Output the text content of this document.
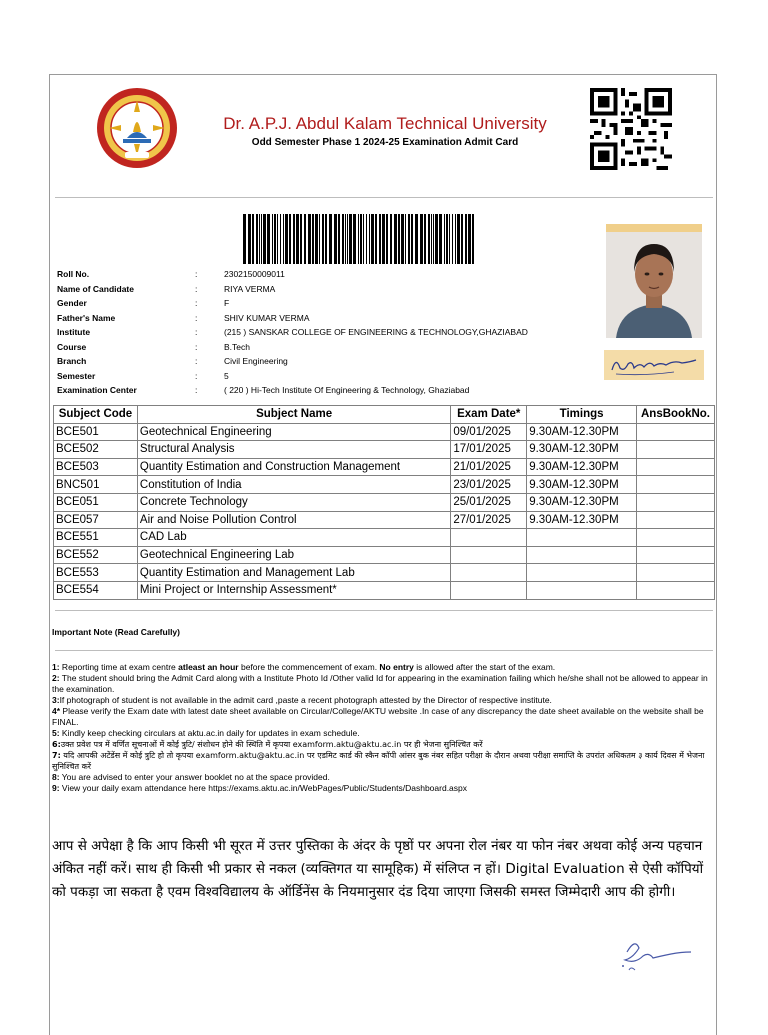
Dr. A.P.J. Abdul Kalam Technical University
Odd Semester Phase 1 2024-25 Examination Admit Card
Roll No.	:	2302150009011
Name of Candidate	:	RIYA VERMA
Gender	:	F
Father's Name	:	SHIV KUMAR VERMA
Institute	:	(215 ) SANSKAR COLLEGE OF ENGINEERING & TECHNOLOGY,GHAZIABAD
Course	:	B.Tech
Branch	:	Civil Engineering
Semester	:	5
Examination Center	:	( 220 ) Hi-Tech Institute Of Engineering & Technology, Ghaziabad
Subject Code	Subject Name	Exam Date*	Timings	AnsBookNo.
BCE501	Geotechnical Engineering	09/01/2025	9.30AM-12.30PM	
BCE502	Structural Analysis	17/01/2025	9.30AM-12.30PM	
BCE503	Quantity Estimation and Construction Management	21/01/2025	9.30AM-12.30PM	
BNC501	Constitution of India	23/01/2025	9.30AM-12.30PM	
BCE051	Concrete Technology	25/01/2025	9.30AM-12.30PM	
BCE057	Air and Noise Pollution Control	27/01/2025	9.30AM-12.30PM	
BCE551	CAD Lab			
BCE552	Geotechnical Engineering Lab			
BCE553	Quantity Estimation and Management Lab			
BCE554	Mini Project or Internship Assessment*			
Important Note (Read Carefully)

1: Reporting time at exam centre atleast an hour before the commencement of exam. No entry is allowed after the start of the exam.

2: The student should bring the Admit Card along with a Institute Photo Id /Other valid Id for appearing in the examination failing which he/she shall not be allowed to appear in the examination.

3:If photograph of student is not available in the admit card ,paste a recent photograph attested by the Director of respective institute.

4* Please verify the Exam date with latest date sheet available on Circular/College/AKTU website .In case of any discrepancy the date sheet available on the website shall be FINAL.

5: Kindly keep checking circulars at aktu.ac.in daily for updates in exam schedule.

6:उक्त प्रवेश पत्र में वर्णित सूचनाओं में कोई त्रुटि/ संशोधन होने की स्थिति में कृपया examform.aktu@aktu.ac.in पर ही भेजना सुनिश्चित करें

7: यदि आपकी अटेंडेंस में कोई त्रुटि हो तो कृपया examform.aktu@aktu.ac.in पर एडमिट कार्ड की स्कैन कॉपी आंसर बुक नंबर सहित परीक्षा के दौरान अथवा परीक्षा समाप्ति के उपरांत अधिकतम ३ कार्य दिवस में भेजना सुनिश्चित करें

8: You are advised to enter your answer booklet no at the space provided.

9: View your daily exam attendance here https://exams.aktu.ac.in/WebPages/Public/Students/Dashboard.aspx

आप से अपेक्षा है कि आप किसी भी सूरत में उत्तर पुस्तिका के अंदर के पृष्ठों पर अपना रोल नंबर या फोन नंबर अथवा कोई अन्य पहचान अंकित नहीं करें। साथ ही किसी भी प्रकार से नकल (व्यक्तिगत या सामूहिक) में संलिप्त न हों। Digital Evaluation से ऐसी कॉपियों को पकड़ा जा सकता है एवम विश्वविद्यालय के ऑर्डिनेंस के नियमानुसार दंड दिया जाएगा जिसकी समस्त जिम्मेदारी आप की होगी।
